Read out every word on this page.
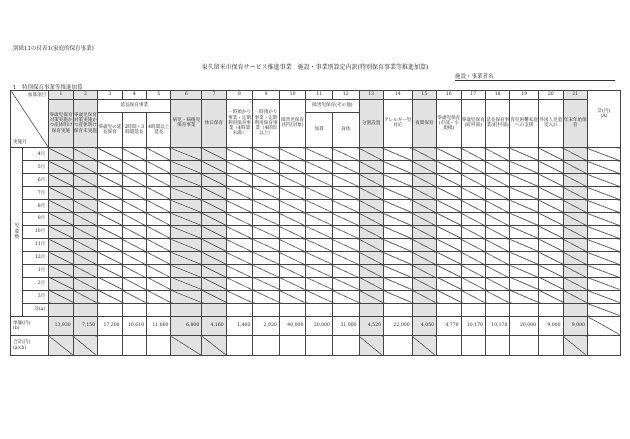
別紙11の付表1(家庭的保育事業)
東久留米市保育サービス推進事業　施設・事業別算定内訳(特別保育事業等推進加算)
施設・事業者名
1　特別保育事業等推進加算
加算項目
実施月		1	2	3	4	5	6	7	8	9	10	11	12	13	14	15	16	17	18	19	20	21	計(円)
(A)
		零歳児保育対策実施かつ産休明け保育実施	零歳児保育対策実施かつ産休明け保育未実施	延長保育事業			病児・病後児保育事業	休日保育	一時預かり事業・定期利用保育事業（4時間未満）	一時預かり事業・定期利用保育事業（4時間以上）	障害児保育(特児対象)	障害児保育(その他)		分園設置	アレルギー児対応	夜間保育	零歳児保育(市部・小規模)	零歳児保育(町村部)	延長保育事業(町村部)	育児困難家庭への支援	外国人児童受入れ	年末年始保育	
				零歳児の延長保育	2時間・3時間延長	4時間以上延長						加算	身体										
児童数	4月																						
	5月																						
	6月																						
	7月																						
	8月																						
	9月																						
	10月																						
	11月																						
	12月																						
	1月																						
	2月																						
	3月																						
	計(a)																						
単価(円)
(b)		13,930	7,150	17,200	10,610	11,060	6,800	4,160	1,460	2,920	40,000	20,000	31,000	4,520	22,000	4,050	4,770	10,170	10,170	20,000	9,000	9,000	
合計(円)
(a×b)																							
